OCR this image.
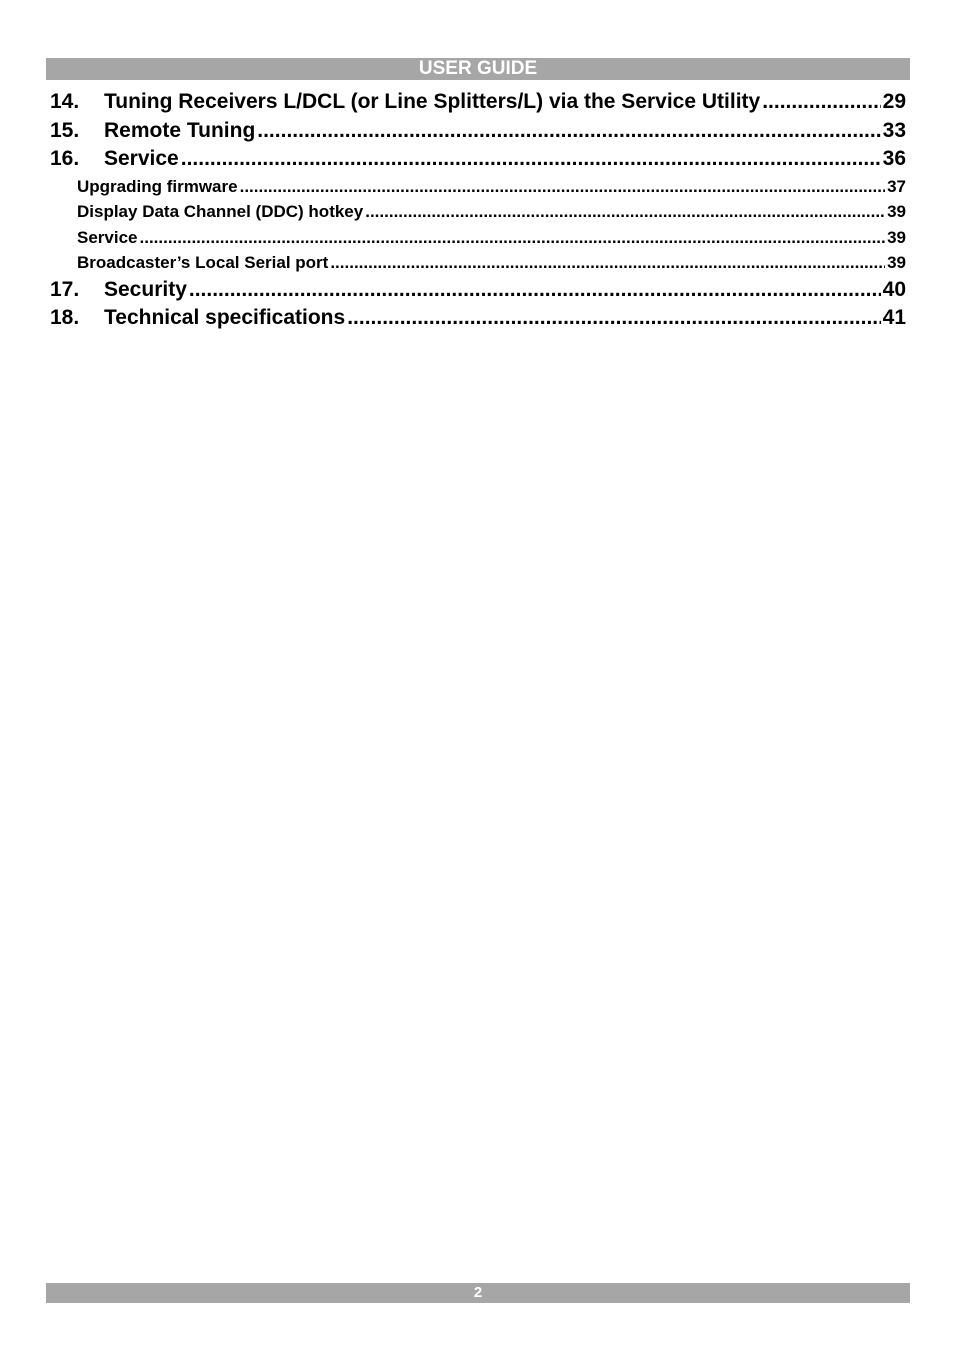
USER GUIDE
14.	Tuning Receivers L/DCL (or Line Splitters/L) via the Service Utility .....	29
15.	Remote Tuning .....	33
16.	Service .....	36
Upgrading firmware .....	37
Display Data Channel (DDC) hotkey .....	39
Service .....	39
Broadcaster’s Local Serial port .....	39
17.	Security .....	40
18.	Technical specifications .....	41
2
